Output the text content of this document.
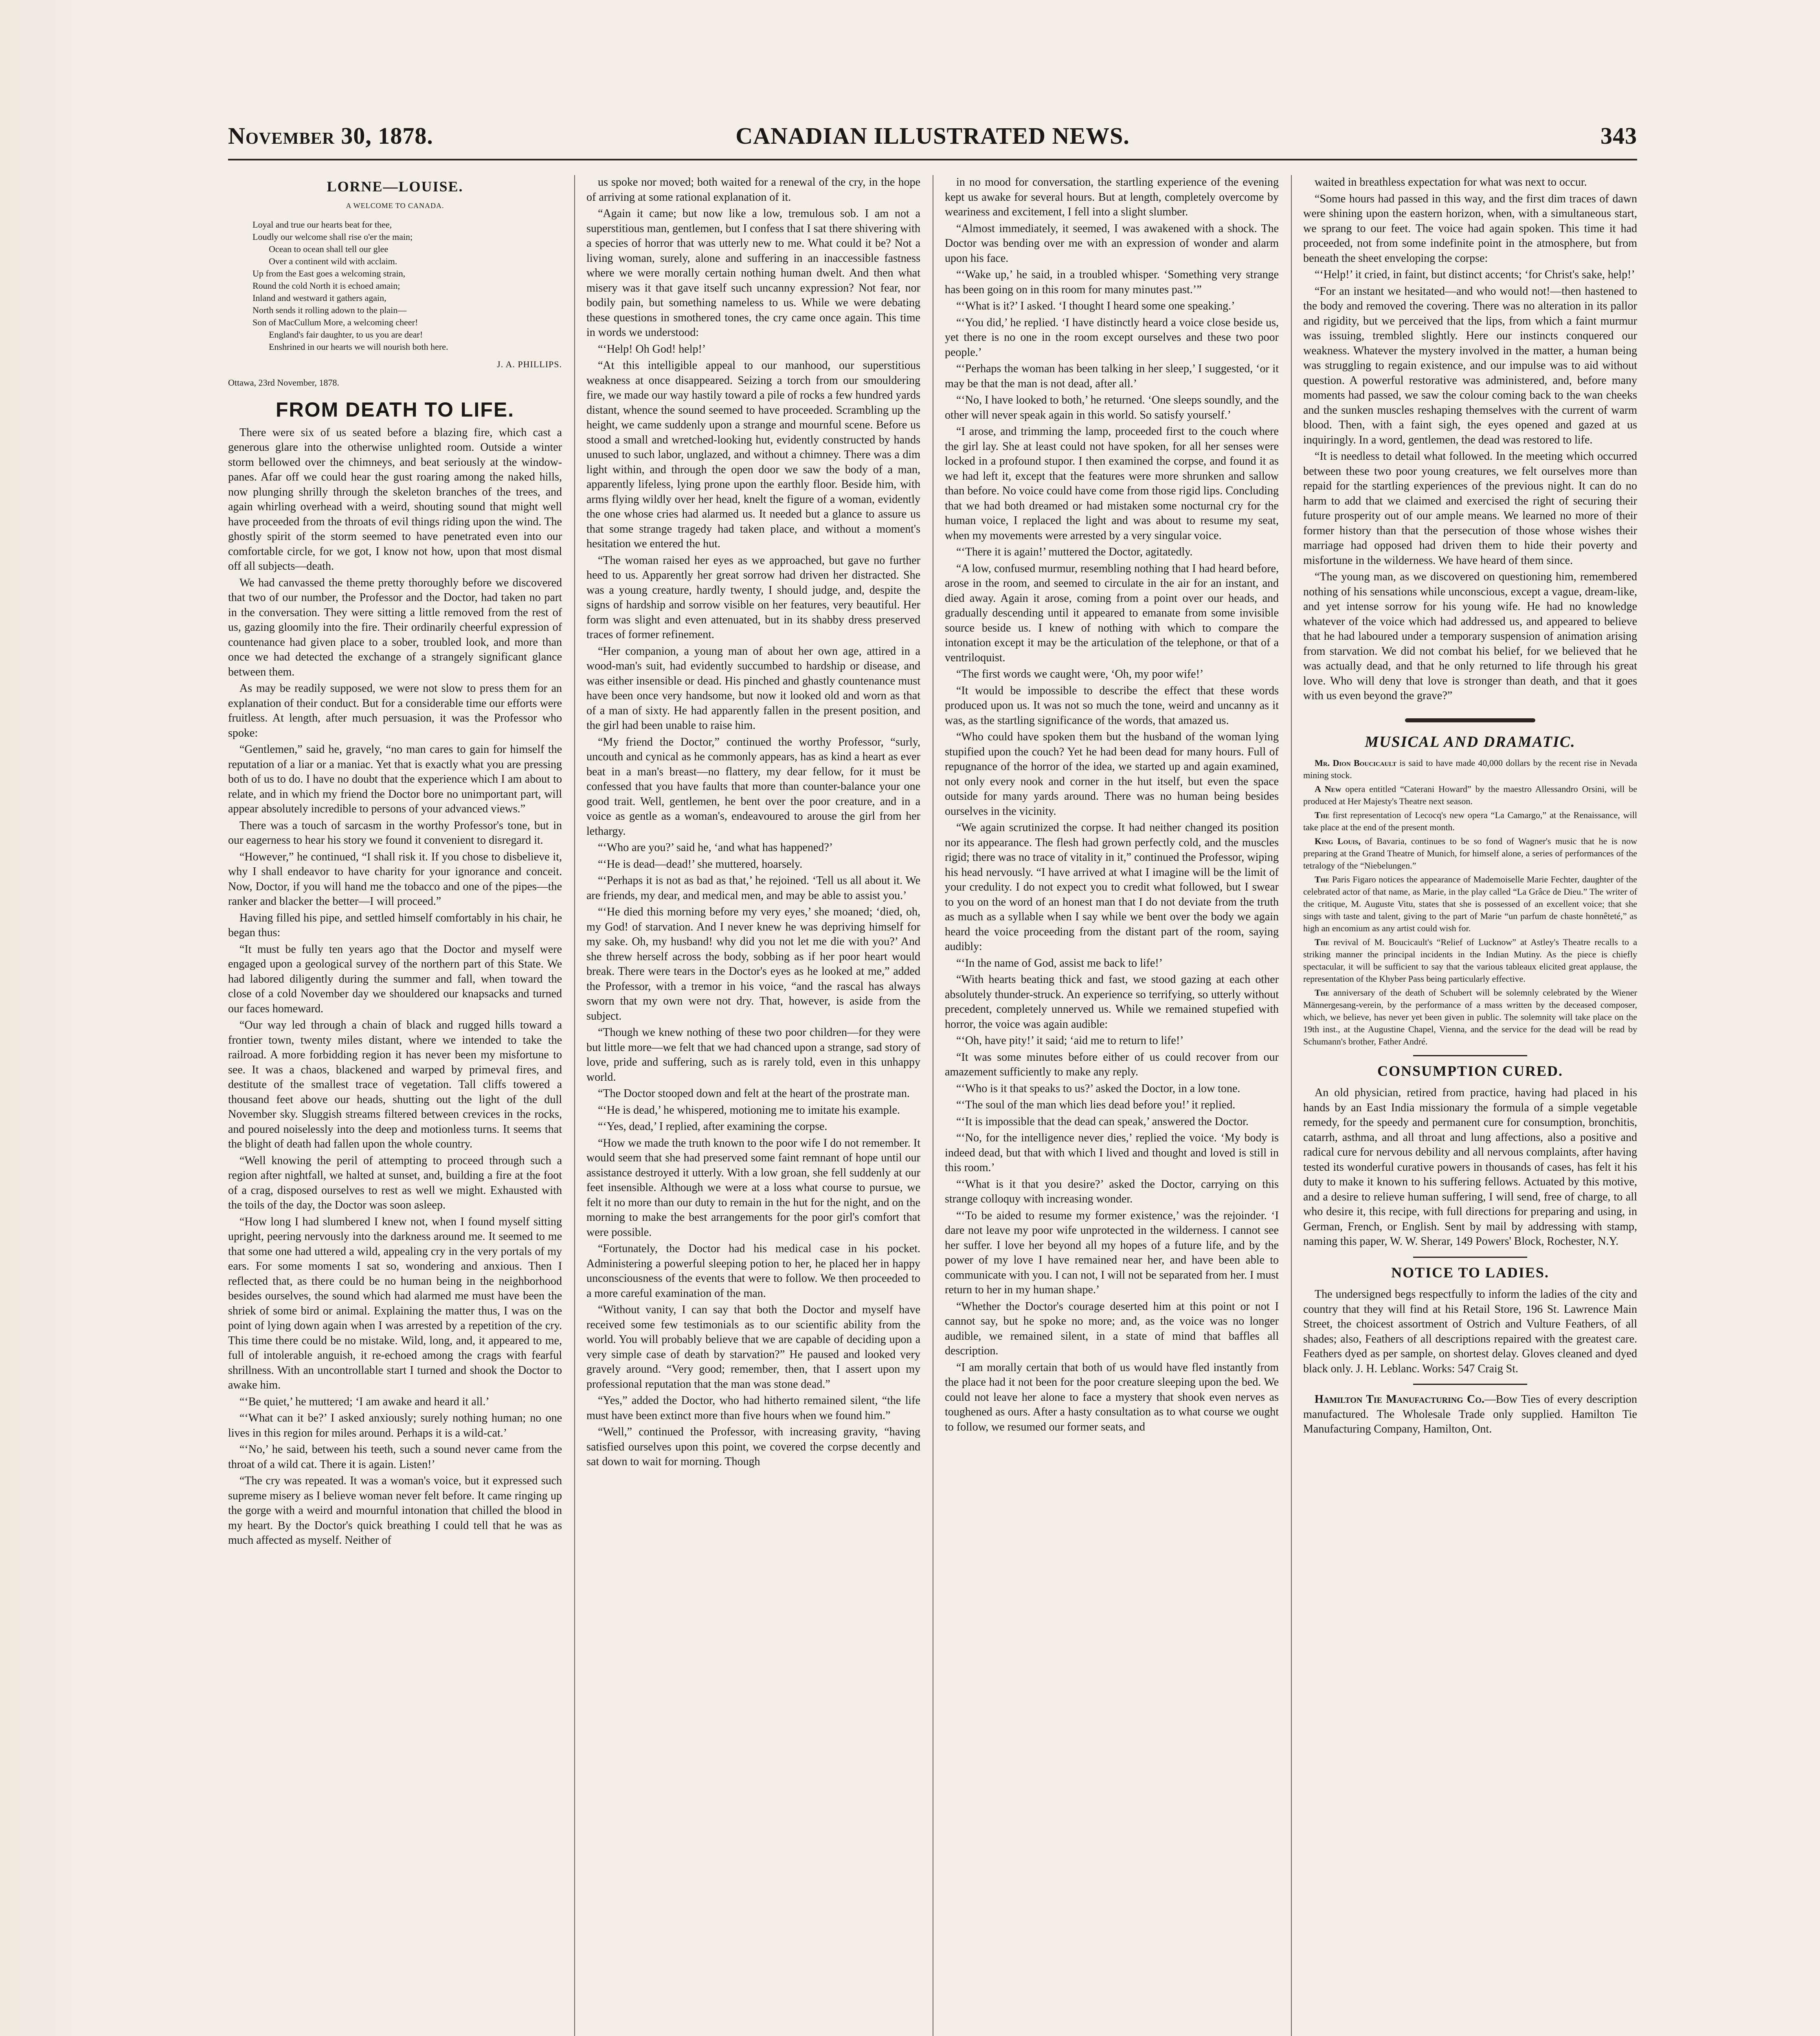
November 30, 1878.	CANADIAN ILLUSTRATED NEWS.	343

LORNE—LOUISE.

A WELCOME TO CANADA.
Loyal and true our hearts beat for thee,
Loudly our welcome shall rise o'er the main;
Ocean to ocean shall tell our glee
Over a continent wild with acclaim.
Up from the East goes a welcoming strain,
Round the cold North it is echoed amain;
Inland and westward it gathers again,
North sends it rolling adown to the plain—
Son of MacCullum More, a welcoming cheer!
England's fair daughter, to us you are dear!
Enshrined in our hearts we will nourish both here.
J. A. PHILLIPS.
Ottawa, 23rd November, 1878.

FROM DEATH TO LIFE.

There were six of us seated before a blazing fire, which cast a generous glare into the otherwise unlighted room. Outside a winter storm bellowed over the chimneys, and beat seriously at the window-panes. Afar off we could hear the gust roaring among the naked hills, now plunging shrilly through the skeleton branches of the trees, and again whirling overhead with a weird, shouting sound that might well have proceeded from the throats of evil things riding upon the wind. The ghostly spirit of the storm seemed to have penetrated even into our comfortable circle, for we got, I know not how, upon that most dismal off all subjects—death.

We had canvassed the theme pretty thoroughly before we discovered that two of our number, the Professor and the Doctor, had taken no part in the conversation. They were sitting a little removed from the rest of us, gazing gloomily into the fire. Their ordinarily cheerful expression of countenance had given place to a sober, troubled look, and more than once we had detected the exchange of a strangely significant glance between them.

As may be readily supposed, we were not slow to press them for an explanation of their conduct. But for a considerable time our efforts were fruitless. At length, after much persuasion, it was the Professor who spoke:

“Gentlemen,” said he, gravely, “no man cares to gain for himself the reputation of a liar or a maniac. Yet that is exactly what you are pressing both of us to do. I have no doubt that the experience which I am about to relate, and in which my friend the Doctor bore no unimportant part, will appear absolutely incredible to persons of your advanced views.”

There was a touch of sarcasm in the worthy Professor's tone, but in our eagerness to hear his story we found it convenient to disregard it.

“However,” he continued, “I shall risk it. If you chose to disbelieve it, why I shall endeavor to have charity for your ignorance and conceit. Now, Doctor, if you will hand me the tobacco and one of the pipes—the ranker and blacker the better—I will proceed.”

Having filled his pipe, and settled himself comfortably in his chair, he began thus:

“It must be fully ten years ago that the Doctor and myself were engaged upon a geological survey of the northern part of this State. We had labored diligently during the summer and fall, when toward the close of a cold November day we shouldered our knapsacks and turned our faces homeward.

“Our way led through a chain of black and rugged hills toward a frontier town, twenty miles distant, where we intended to take the railroad. A more forbidding region it has never been my misfortune to see. It was a chaos, blackened and warped by primeval fires, and destitute of the smallest trace of vegetation. Tall cliffs towered a thousand feet above our heads, shutting out the light of the dull November sky. Sluggish streams filtered between crevices in the rocks, and poured noiselessly into the deep and motionless turns. It seems that the blight of death had fallen upon the whole country.

“Well knowing the peril of attempting to proceed through such a region after nightfall, we halted at sunset, and, building a fire at the foot of a crag, disposed ourselves to rest as well we might. Exhausted with the toils of the day, the Doctor was soon asleep.

“How long I had slumbered I knew not, when I found myself sitting upright, peering nervously into the darkness around me. It seemed to me that some one had uttered a wild, appealing cry in the very portals of my ears. For some moments I sat so, wondering and anxious. Then I reflected that, as there could be no human being in the neighborhood besides ourselves, the sound which had alarmed me must have been the shriek of some bird or animal. Explaining the matter thus, I was on the point of lying down again when I was arrested by a repetition of the cry. This time there could be no mistake. Wild, long, and, it appeared to me, full of intolerable anguish, it re-echoed among the crags with fearful shrillness. With an uncontrollable start I turned and shook the Doctor to awake him.

“‘Be quiet,’ he muttered; ‘I am awake and heard it all.’

“‘What can it be?’ I asked anxiously; surely nothing human; no one lives in this region for miles around. Perhaps it is a wild-cat.’

“‘No,’ he said, between his teeth, such a sound never came from the throat of a wild cat. There it is again. Listen!’

“The cry was repeated. It was a woman's voice, but it expressed such supreme misery as I believe woman never felt before. It came ringing up the gorge with a weird and mournful intonation that chilled the blood in my heart. By the Doctor's quick breathing I could tell that he was as much affected as myself. Neither of

us spoke nor moved; both waited for a renewal of the cry, in the hope of arriving at some rational explanation of it.

“Again it came; but now like a low, tremulous sob. I am not a superstitious man, gentlemen, but I confess that I sat there shivering with a species of horror that was utterly new to me. What could it be? Not a living woman, surely, alone and suffering in an inaccessible fastness where we were morally certain nothing human dwelt. And then what misery was it that gave itself such uncanny expression? Not fear, nor bodily pain, but something nameless to us. While we were debating these questions in smothered tones, the cry came once again. This time in words we understood:

“‘Help! Oh God! help!’

“At this intelligible appeal to our manhood, our superstitious weakness at once disappeared. Seizing a torch from our smouldering fire, we made our way hastily toward a pile of rocks a few hundred yards distant, whence the sound seemed to have proceeded. Scrambling up the height, we came suddenly upon a strange and mournful scene. Before us stood a small and wretched-looking hut, evidently constructed by hands unused to such labor, unglazed, and without a chimney. There was a dim light within, and through the open door we saw the body of a man, apparently lifeless, lying prone upon the earthly floor. Beside him, with arms flying wildly over her head, knelt the figure of a woman, evidently the one whose cries had alarmed us. It needed but a glance to assure us that some strange tragedy had taken place, and without a moment's hesitation we entered the hut.

“The woman raised her eyes as we approached, but gave no further heed to us. Apparently her great sorrow had driven her distracted. She was a young creature, hardly twenty, I should judge, and, despite the signs of hardship and sorrow visible on her features, very beautiful. Her form was slight and even attenuated, but in its shabby dress preserved traces of former refinement.

“Her companion, a young man of about her own age, attired in a wood-man's suit, had evidently succumbed to hardship or disease, and was either insensible or dead. His pinched and ghastly countenance must have been once very handsome, but now it looked old and worn as that of a man of sixty. He had apparently fallen in the present position, and the girl had been unable to raise him.

“My friend the Doctor,” continued the worthy Professor, “surly, uncouth and cynical as he commonly appears, has as kind a heart as ever beat in a man's breast—no flattery, my dear fellow, for it must be confessed that you have faults that more than counter-balance your one good trait. Well, gentlemen, he bent over the poor creature, and in a voice as gentle as a woman's, endeavoured to arouse the girl from her lethargy.

“‘Who are you?’ said he, ‘and what has happened?’

“‘He is dead—dead!’ she muttered, hoarsely.

“‘Perhaps it is not as bad as that,’ he rejoined. ‘Tell us all about it. We are friends, my dear, and medical men, and may be able to assist you.’

“‘He died this morning before my very eyes,’ she moaned; ‘died, oh, my God! of starvation. And I never knew he was depriving himself for my sake. Oh, my husband! why did you not let me die with you?’ And she threw herself across the body, sobbing as if her poor heart would break. There were tears in the Doctor's eyes as he looked at me,” added the Professor, with a tremor in his voice, “and the rascal has always sworn that my own were not dry. That, however, is aside from the subject.

“Though we knew nothing of these two poor children—for they were but little more—we felt that we had chanced upon a strange, sad story of love, pride and suffering, such as is rarely told, even in this unhappy world.

“The Doctor stooped down and felt at the heart of the prostrate man.

“‘He is dead,’ he whispered, motioning me to imitate his example.

“‘Yes, dead,’ I replied, after examining the corpse.

“How we made the truth known to the poor wife I do not remember. It would seem that she had preserved some faint remnant of hope until our assistance destroyed it utterly. With a low groan, she fell suddenly at our feet insensible. Although we were at a loss what course to pursue, we felt it no more than our duty to remain in the hut for the night, and on the morning to make the best arrangements for the poor girl's comfort that were possible.

“Fortunately, the Doctor had his medical case in his pocket. Administering a powerful sleeping potion to her, he placed her in happy unconsciousness of the events that were to follow. We then proceeded to a more careful examination of the man.

“Without vanity, I can say that both the Doctor and myself have received some few testimonials as to our scientific ability from the world. You will probably believe that we are capable of deciding upon a very simple case of death by starvation?” He paused and looked very gravely around. “Very good; remember, then, that I assert upon my professional reputation that the man was stone dead.”

“Yes,” added the Doctor, who had hitherto remained silent, “the life must have been extinct more than five hours when we found him.”

“Well,” continued the Professor, with increasing gravity, “having satisfied ourselves upon this point, we covered the corpse decently and sat down to wait for morning. Though

in no mood for conversation, the startling experience of the evening kept us awake for several hours. But at length, completely overcome by weariness and excitement, I fell into a slight slumber.

“Almost immediately, it seemed, I was awakened with a shock. The Doctor was bending over me with an expression of wonder and alarm upon his face.

“‘Wake up,’ he said, in a troubled whisper. ‘Something very strange has been going on in this room for many minutes past.’”

“‘What is it?’ I asked. ‘I thought I heard some one speaking.’

“‘You did,’ he replied. ‘I have distinctly heard a voice close beside us, yet there is no one in the room except ourselves and these two poor people.’

“‘Perhaps the woman has been talking in her sleep,’ I suggested, ‘or it may be that the man is not dead, after all.’

“‘No, I have looked to both,’ he returned. ‘One sleeps soundly, and the other will never speak again in this world. So satisfy yourself.’

“I arose, and trimming the lamp, proceeded first to the couch where the girl lay. She at least could not have spoken, for all her senses were locked in a profound stupor. I then examined the corpse, and found it as we had left it, except that the features were more shrunken and sallow than before. No voice could have come from those rigid lips. Concluding that we had both dreamed or had mistaken some nocturnal cry for the human voice, I replaced the light and was about to resume my seat, when my movements were arrested by a very singular voice.

“‘There it is again!’ muttered the Doctor, agitatedly.

“A low, confused murmur, resembling nothing that I had heard before, arose in the room, and seemed to circulate in the air for an instant, and died away. Again it arose, coming from a point over our heads, and gradually descending until it appeared to emanate from some invisible source beside us. I knew of nothing with which to compare the intonation except it may be the articulation of the telephone, or that of a ventriloquist.

“The first words we caught were, ‘Oh, my poor wife!’

“It would be impossible to describe the effect that these words produced upon us. It was not so much the tone, weird and uncanny as it was, as the startling significance of the words, that amazed us.

“Who could have spoken them but the husband of the woman lying stupified upon the couch? Yet he had been dead for many hours. Full of repugnance of the horror of the idea, we started up and again examined, not only every nook and corner in the hut itself, but even the space outside for many yards around. There was no human being besides ourselves in the vicinity.

“We again scrutinized the corpse. It had neither changed its position nor its appearance. The flesh had grown perfectly cold, and the muscles rigid; there was no trace of vitality in it,” continued the Professor, wiping his head nervously. “I have arrived at what I imagine will be the limit of your credulity. I do not expect you to credit what followed, but I swear to you on the word of an honest man that I do not deviate from the truth as much as a syllable when I say while we bent over the body we again heard the voice proceeding from the distant part of the room, saying audibly:

“‘In the name of God, assist me back to life!’

“With hearts beating thick and fast, we stood gazing at each other absolutely thunder-struck. An experience so terrifying, so utterly without precedent, completely unnerved us. While we remained stupefied with horror, the voice was again audible:

“‘Oh, have pity!’ it said; ‘aid me to return to life!’

“It was some minutes before either of us could recover from our amazement sufficiently to make any reply.

“‘Who is it that speaks to us?’ asked the Doctor, in a low tone.

“‘The soul of the man which lies dead before you!’ it replied.

“‘It is impossible that the dead can speak,’ answered the Doctor.

“‘No, for the intelligence never dies,’ replied the voice. ‘My body is indeed dead, but that with which I lived and thought and loved is still in this room.’

“‘What is it that you desire?’ asked the Doctor, carrying on this strange colloquy with increasing wonder.

“‘To be aided to resume my former existence,’ was the rejoinder. ‘I dare not leave my poor wife unprotected in the wilderness. I cannot see her suffer. I love her beyond all my hopes of a future life, and by the power of my love I have remained near her, and have been able to communicate with you. I can not, I will not be separated from her. I must return to her in my human shape.’

“Whether the Doctor's courage deserted him at this point or not I cannot say, but he spoke no more; and, as the voice was no longer audible, we remained silent, in a state of mind that baffles all description.

“I am morally certain that both of us would have fled instantly from the place had it not been for the poor creature sleeping upon the bed. We could not leave her alone to face a mystery that shook even nerves as toughened as ours. After a hasty consultation as to what course we ought to follow, we resumed our former seats, and

waited in breathless expectation for what was next to occur.

“Some hours had passed in this way, and the first dim traces of dawn were shining upon the eastern horizon, when, with a simultaneous start, we sprang to our feet. The voice had again spoken. This time it had proceeded, not from some indefinite point in the atmosphere, but from beneath the sheet enveloping the corpse:

“‘Help!’ it cried, in faint, but distinct accents; ‘for Christ's sake, help!’

“For an instant we hesitated—and who would not!—then hastened to the body and removed the covering. There was no alteration in its pallor and rigidity, but we perceived that the lips, from which a faint murmur was issuing, trembled slightly. Here our instincts conquered our weakness. Whatever the mystery involved in the matter, a human being was struggling to regain existence, and our impulse was to aid without question. A powerful restorative was administered, and, before many moments had passed, we saw the colour coming back to the wan cheeks and the sunken muscles reshaping themselves with the current of warm blood. Then, with a faint sigh, the eyes opened and gazed at us inquiringly. In a word, gentlemen, the dead was restored to life.

“It is needless to detail what followed. In the meeting which occurred between these two poor young creatures, we felt ourselves more than repaid for the startling experiences of the previous night. It can do no harm to add that we claimed and exercised the right of securing their future prosperity out of our ample means. We learned no more of their former history than that the persecution of those whose wishes their marriage had opposed had driven them to hide their poverty and misfortune in the wilderness. We have heard of them since.

“The young man, as we discovered on questioning him, remembered nothing of his sensations while unconscious, except a vague, dream-like, and yet intense sorrow for his young wife. He had no knowledge whatever of the voice which had addressed us, and appeared to believe that he had laboured under a temporary suspension of animation arising from starvation. We did not combat his belief, for we believed that he was actually dead, and that he only returned to life through his great love. Who will deny that love is stronger than death, and that it goes with us even beyond the grave?”

MUSICAL AND DRAMATIC.

Mr. Dion Boucicault is said to have made 40,000 dollars by the recent rise in Nevada mining stock.

A New opera entitled “Caterani Howard” by the maestro Allessandro Orsini, will be produced at Her Majesty's Theatre next season.

The first representation of Lecocq's new opera “La Camargo,” at the Renaissance, will take place at the end of the present month.

King Louis, of Bavaria, continues to be so fond of Wagner's music that he is now preparing at the Grand Theatre of Munich, for himself alone, a series of performances of the tetralogy of the “Niebelungen.”

The Paris Figaro notices the appearance of Mademoiselle Marie Fechter, daughter of the celebrated actor of that name, as Marie, in the play called “La Grâce de Dieu.” The writer of the critique, M. Auguste Vitu, states that she is possessed of an excellent voice; that she sings with taste and talent, giving to the part of Marie “un parfum de chaste honnêteté,” as high an encomium as any artist could wish for.

The revival of M. Boucicault's “Relief of Lucknow” at Astley's Theatre recalls to a striking manner the principal incidents in the Indian Mutiny. As the piece is chiefly spectacular, it will be sufficient to say that the various tableaux elicited great applause, the representation of the Khyber Pass being particularly effective.

The anniversary of the death of Schubert will be solemnly celebrated by the Wiener Männergesang-verein, by the performance of a mass written by the deceased composer, which, we believe, has never yet been given in public. The solemnity will take place on the 19th inst., at the Augustine Chapel, Vienna, and the service for the dead will be read by Schumann's brother, Father André.

CONSUMPTION CURED.

An old physician, retired from practice, having had placed in his hands by an East India missionary the formula of a simple vegetable remedy, for the speedy and permanent cure for consumption, bronchitis, catarrh, asthma, and all throat and lung affections, also a positive and radical cure for nervous debility and all nervous complaints, after having tested its wonderful curative powers in thousands of cases, has felt it his duty to make it known to his suffering fellows. Actuated by this motive, and a desire to relieve human suffering, I will send, free of charge, to all who desire it, this recipe, with full directions for preparing and using, in German, French, or English. Sent by mail by addressing with stamp, naming this paper, W. W. Sherar, 149 Powers' Block, Rochester, N.Y.

NOTICE TO LADIES.

The undersigned begs respectfully to inform the ladies of the city and country that they will find at his Retail Store, 196 St. Lawrence Main Street, the choicest assortment of Ostrich and Vulture Feathers, of all shades; also, Feathers of all descriptions repaired with the greatest care. Feathers dyed as per sample, on shortest delay. Gloves cleaned and dyed black only. J. H. Leblanc. Works: 547 Craig St.

Hamilton Tie Manufacturing Co.—Bow Ties of every description manufactured. The Wholesale Trade only supplied. Hamilton Tie Manufacturing Company, Hamilton, Ont.
